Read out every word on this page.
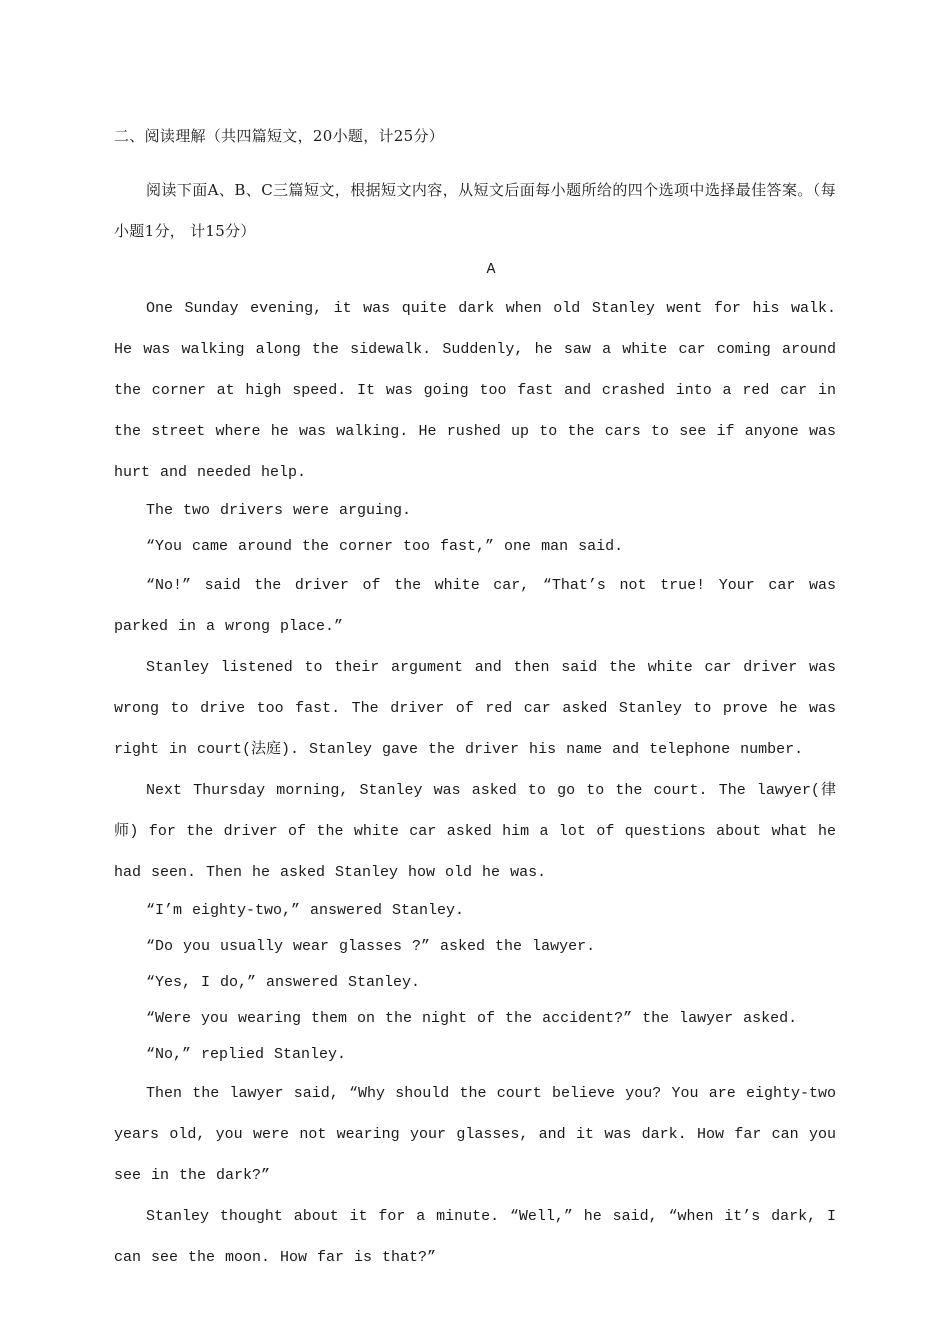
二、阅读理解（共四篇短文，20小题，计25分）

阅读下面A、B、C三篇短文，根据短文内容，从短文后面每小题所给的四个选项中选择最佳答案。（每小题1分， 计15分）

A

One Sunday evening, it was quite dark when old Stanley went for his walk. He was walking along the sidewalk. Suddenly, he saw a white car coming around the corner at high speed. It was going too fast and crashed into a red car in the street where he was walking. He rushed up to the cars to see if anyone was hurt and needed help.

The two drivers were arguing.

“You came around the corner too fast,” one man said.

“No!” said the driver of the white car, “That’s not true! Your car was parked in a wrong place.”

Stanley listened to their argument and then said the white car driver was wrong to drive too fast. The driver of red car asked Stanley to prove he was right in court(法庭). Stanley gave the driver his name and telephone number.

Next Thursday morning, Stanley was asked to go to the court. The lawyer(律师) for the driver of the white car asked him a lot of questions about what he had seen. Then he asked Stanley how old he was.

“I’m eighty-two,” answered Stanley.

“Do you usually wear glasses ?” asked the lawyer.

“Yes, I do,” answered Stanley.

“Were you wearing them on the night of the accident?” the lawyer asked.

“No,” replied Stanley.

Then the lawyer said, “Why should the court believe you? You are eighty-two years old, you were not wearing your glasses, and it was dark. How far can you see in the dark?”

Stanley thought about it for a minute. “Well,” he said, “when it’s dark, I can see the moon. How far is that?”
